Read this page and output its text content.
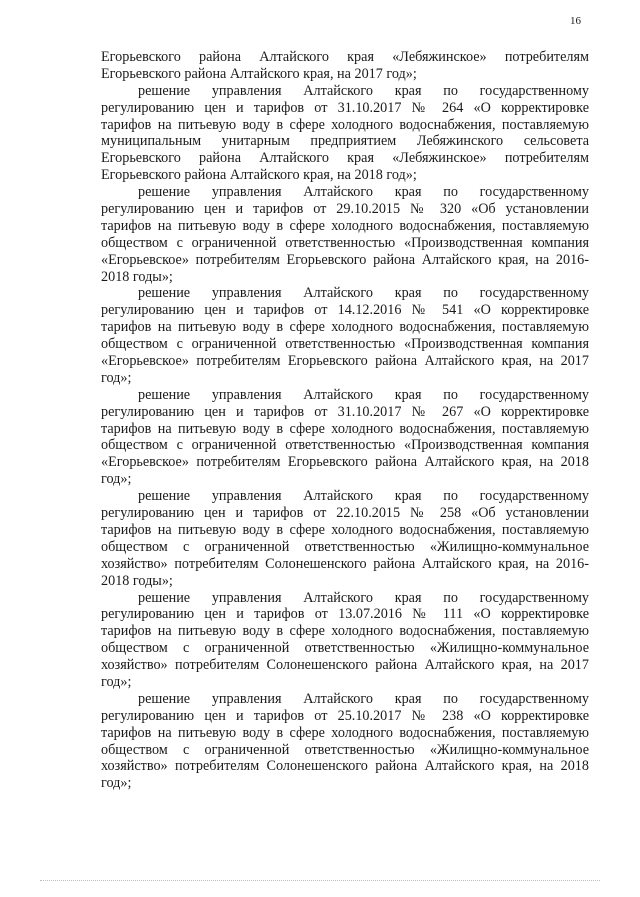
16
Егорьевского района Алтайского края «Лебяжинское» потребителям
Егорьевского района Алтайского края, на 2017 год»;
решение управления Алтайского края по государственному
регулированию цен и тарифов от 31.10.2017 № 264 «О корректировке
тарифов на питьевую воду в сфере холодного водоснабжения, поставляемую
муниципальным унитарным предприятием Лебяжинского сельсовета
Егорьевского района Алтайского края «Лебяжинское» потребителям
Егорьевского района Алтайского края, на 2018 год»;
решение управления Алтайского края по государственному
регулированию цен и тарифов от 29.10.2015 № 320 «Об установлении
тарифов на питьевую воду в сфере холодного водоснабжения, поставляемую
обществом с ограниченной ответственностью «Производственная компания
«Егорьевское» потребителям Егорьевского района Алтайского края, на 2016-
2018 годы»;
решение управления Алтайского края по государственному
регулированию цен и тарифов от 14.12.2016 № 541 «О корректировке
тарифов на питьевую воду в сфере холодного водоснабжения, поставляемую
обществом с ограниченной ответственностью «Производственная компания
«Егорьевское» потребителям Егорьевского района Алтайского края, на 2017
год»;
решение управления Алтайского края по государственному
регулированию цен и тарифов от 31.10.2017 № 267 «О корректировке
тарифов на питьевую воду в сфере холодного водоснабжения, поставляемую
обществом с ограниченной ответственностью «Производственная компания
«Егорьевское» потребителям Егорьевского района Алтайского края, на 2018
год»;
решение управления Алтайского края по государственному
регулированию цен и тарифов от 22.10.2015 № 258 «Об установлении
тарифов на питьевую воду в сфере холодного водоснабжения, поставляемую
обществом с ограниченной ответственностью «Жилищно-коммунальное
хозяйство» потребителям Солонешенского района Алтайского края, на 2016-
2018 годы»;
решение управления Алтайского края по государственному
регулированию цен и тарифов от 13.07.2016 № 111 «О корректировке
тарифов на питьевую воду в сфере холодного водоснабжения, поставляемую
обществом с ограниченной ответственностью «Жилищно-коммунальное
хозяйство» потребителям Солонешенского района Алтайского края, на 2017
год»;
решение управления Алтайского края по государственному
регулированию цен и тарифов от 25.10.2017 № 238 «О корректировке
тарифов на питьевую воду в сфере холодного водоснабжения, поставляемую
обществом с ограниченной ответственностью «Жилищно-коммунальное
хозяйство» потребителям Солонешенского района Алтайского края, на 2018
год»;
